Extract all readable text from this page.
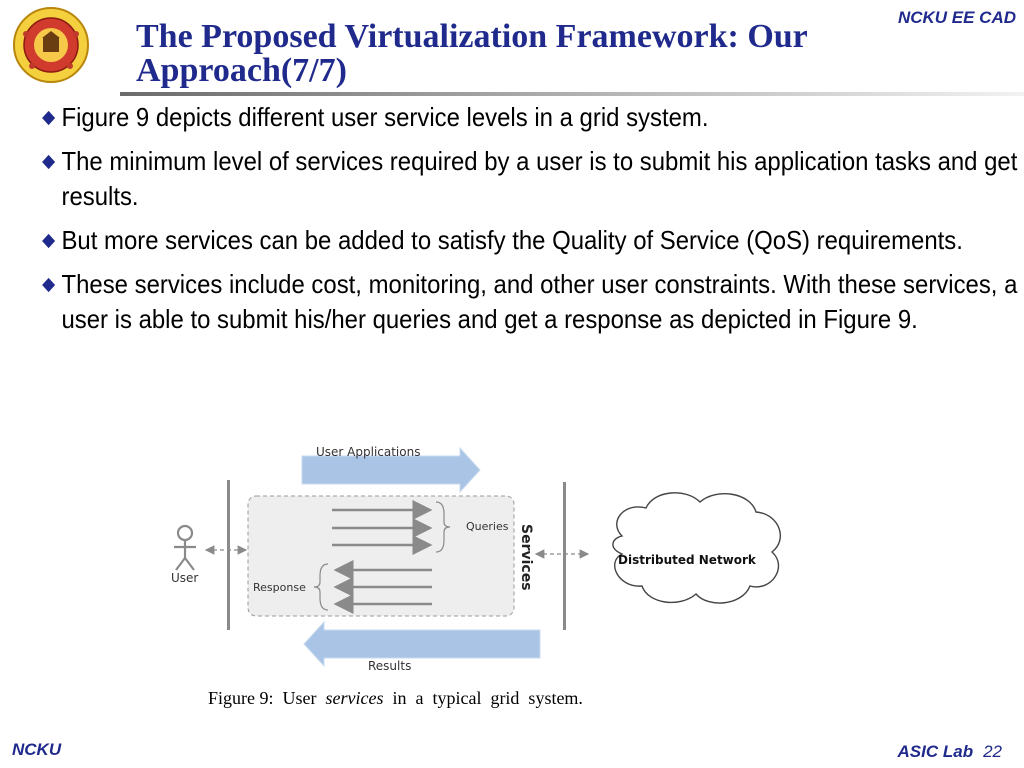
The Proposed Virtualization Framework: Our Approach(7/7)
NCKU EE CAD
Figure 9 depicts different user service levels in a grid system.
The minimum level of services required by a user is to submit his application tasks and get results.
But more services can be added to satisfy the Quality of Service (QoS) requirements.
These services include cost, monitoring, and other user constraints. With these services, a user is able to submit his/her queries and get a response as depicted in Figure 9.
User Applications
Results
Queries
Response	Services
User
Distributed Network
Figure 9:  User  services  in  a  typical  grid  system.
NCKU	ASIC Lab 22
